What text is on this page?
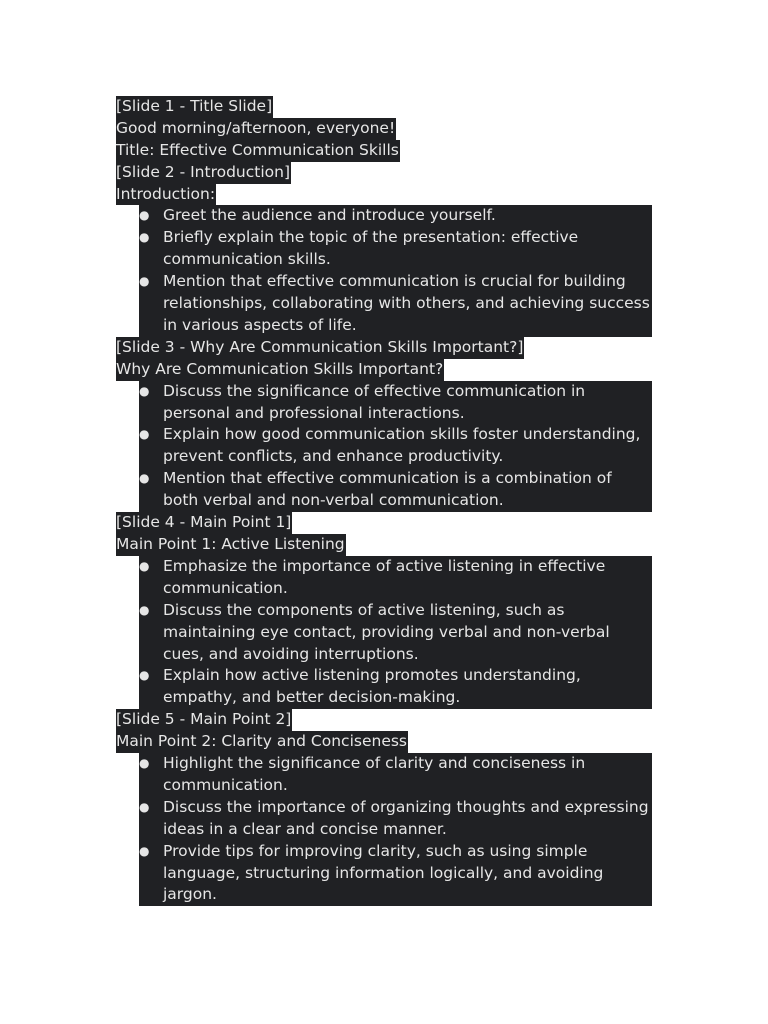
[Slide 1 - Title Slide]
Good morning/afternoon, everyone!
Title: Effective Communication Skills
[Slide 2 - Introduction]
Introduction:
● Greet the audience and introduce yourself.
● Briefly explain the topic of the presentation: effective communication skills.
● Mention that effective communication is crucial for building relationships, collaborating with others, and achieving success in various aspects of life.
[Slide 3 - Why Are Communication Skills Important?]
Why Are Communication Skills Important?
● Discuss the significance of effective communication in personal and professional interactions.
● Explain how good communication skills foster understanding, prevent conflicts, and enhance productivity.
● Mention that effective communication is a combination of both verbal and non-verbal communication.
[Slide 4 - Main Point 1]
Main Point 1: Active Listening
● Emphasize the importance of active listening in effective communication.
● Discuss the components of active listening, such as maintaining eye contact, providing verbal and non-verbal cues, and avoiding interruptions.
● Explain how active listening promotes understanding, empathy, and better decision-making.
[Slide 5 - Main Point 2]
Main Point 2: Clarity and Conciseness
● Highlight the significance of clarity and conciseness in communication.
● Discuss the importance of organizing thoughts and expressing ideas in a clear and concise manner.
● Provide tips for improving clarity, such as using simple language, structuring information logically, and avoiding jargon.
